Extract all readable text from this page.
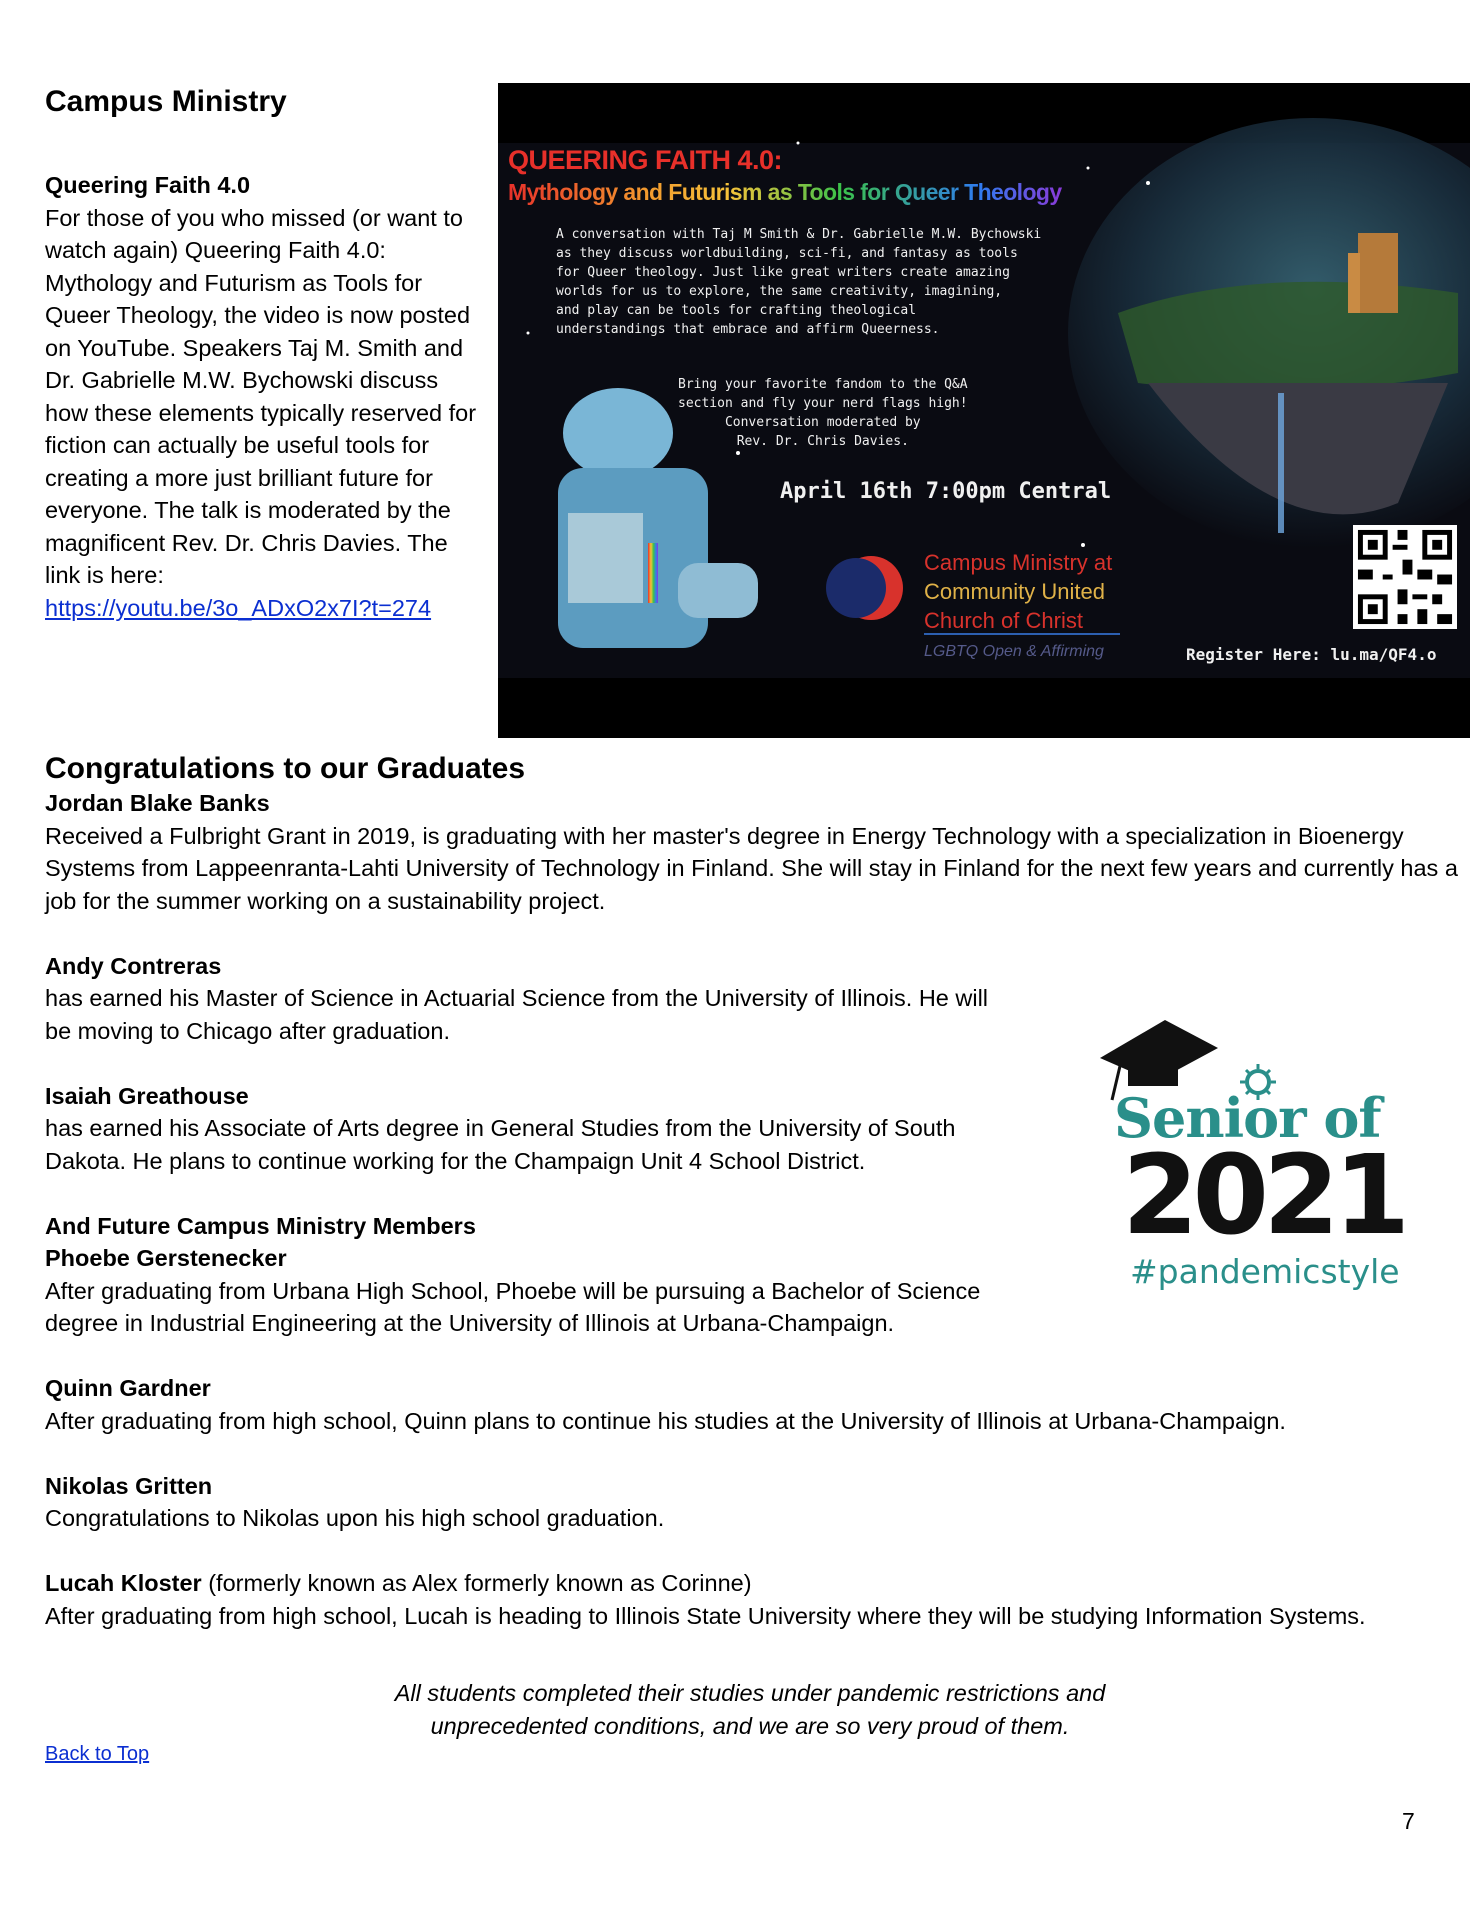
Campus Ministry
Queering Faith 4.0

For those of you who missed (or want to watch again) Queering Faith 4.0: Mythology and Futurism as Tools for Queer Theology, the video is now posted on YouTube. Speakers Taj M. Smith and Dr. Gabrielle M.W. Bychowski discuss how these elements typically reserved for fiction can actually be useful tools for creating a more just brilliant future for everyone. The talk is moderated by the magnificent Rev. Dr. Chris Davies. The link is here:

https://youtu.be/3o_ADxO2x7I?t=274
QUEERING FAITH 4.0:
Mythology and Futurism as Tools for Queer Theology
A conversation with Taj M Smith & Dr. Gabrielle M.W. Bychowski
as they discuss worldbuilding, sci-fi, and fantasy as tools
for Queer theology. Just like great writers create amazing
worlds for us to explore, the same creativity, imagining,
and play can be tools for crafting theological
understandings that embrace and affirm Queerness.
Bring your favorite fandom to the Q&A
section and fly your nerd flags high!
Conversation moderated by
Rev. Dr. Chris Davies.
April 16th 7:00pm Central
Campus Ministry at
Community United
Church of Christ
LGBTQ Open & Affirming	Register Here: lu.ma/QF4.o
Congratulations to our Graduates
Jordan Blake Banks
Received a Fulbright Grant in 2019, is graduating with her master's degree in Energy Technology with a specialization in Bioenergy Systems from Lappeenranta-Lahti University of Technology in Finland. She will stay in Finland for the next few years and currently has a job for the summer working on a sustainability project.
Andy Contreras
has earned his Master of Science in Actuarial Science from the University of Illinois. He will be moving to Chicago after graduation.
Isaiah Greathouse
has earned his Associate of Arts degree in General Studies from the University of South Dakota. He plans to continue working for the Champaign Unit 4 School District.
And Future Campus Ministry Members
Phoebe Gerstenecker
After graduating from Urbana High School, Phoebe will be pursuing a Bachelor of Science degree in Industrial Engineering at the University of Illinois at Urbana-Champaign.
Quinn Gardner
After graduating from high school, Quinn plans to continue his studies at the University of Illinois at Urbana-Champaign.
Nikolas Gritten
Congratulations to Nikolas upon his high school graduation.
Lucah Kloster (formerly known as Alex formerly known as Corinne)
After graduating from high school, Lucah is heading to Illinois State University where they will be studying Information Systems.
Senior of
2021
#pandemicstyle
All students completed their studies under pandemic restrictions and
unprecedented conditions, and we are so very proud of them.
Back to Top
7
